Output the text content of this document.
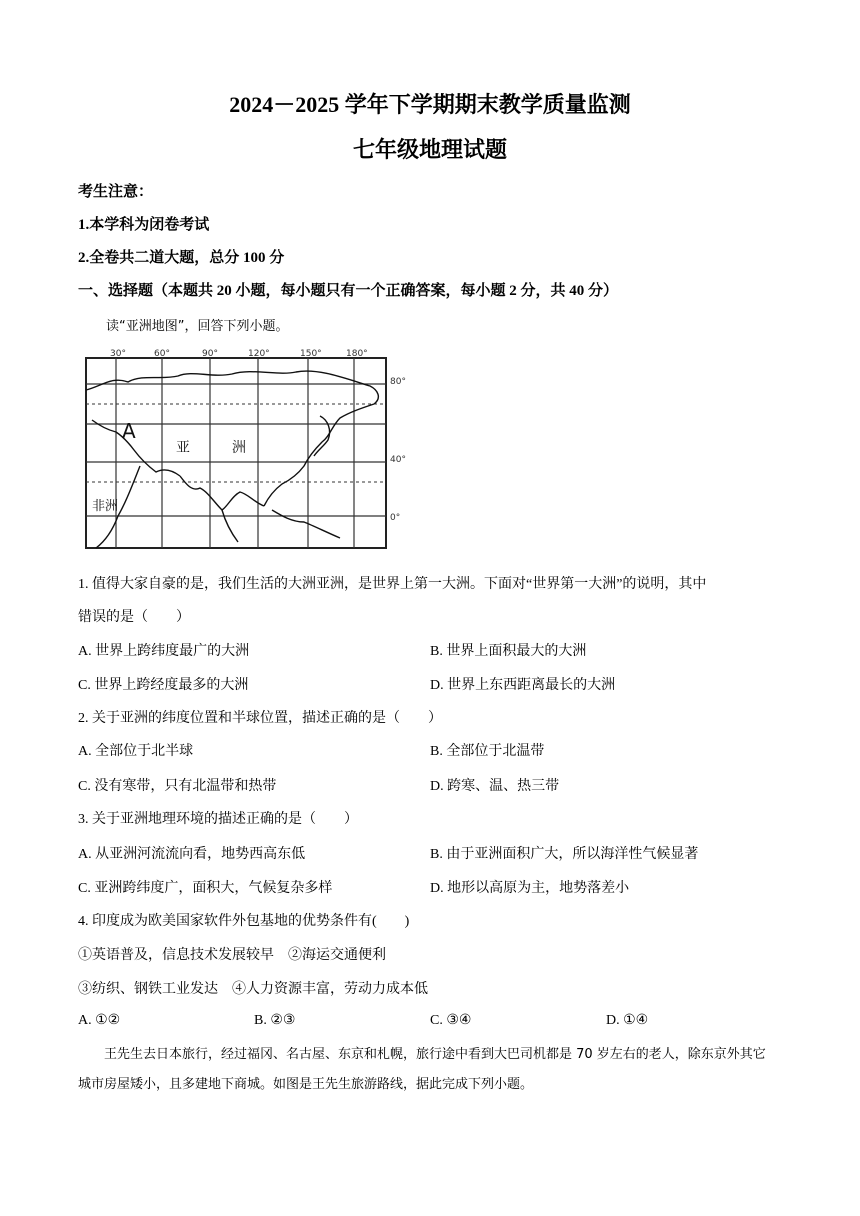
2024－2025 学年下学期期末教学质量监测
七年级地理试题
考生注意：
1.本学科为闭卷考试
2.全卷共二道大题，总分 100 分
一、选择题（本题共 20 小题，每小题只有一个正确答案，每小题 2 分，共 40 分）
读“亚洲地图”，回答下列小题。
30°	60°	90°	120°	150°	180°
80°
40°
0°
A
亚	洲
非洲
1. 值得大家自豪的是，我们生活的大洲亚洲，是世界上第一大洲。下面对“世界第一大洲”的说明，其中
错误的是（　　）
A. 世界上跨纬度最广的大洲	B. 世界上面积最大的大洲
C. 世界上跨经度最多的大洲	D. 世界上东西距离最长的大洲
2. 关于亚洲的纬度位置和半球位置，描述正确的是（　　）
A. 全部位于北半球	B. 全部位于北温带
C. 没有寒带，只有北温带和热带	D. 跨寒、温、热三带
3. 关于亚洲地理环境的描述正确的是（　　）
A. 从亚洲河流流向看，地势西高东低	B. 由于亚洲面积广大，所以海洋性气候显著
C. 亚洲跨纬度广，面积大，气候复杂多样	D. 地形以高原为主，地势落差小
4. 印度成为欧美国家软件外包基地的优势条件有(　　)
①英语普及，信息技术发展较早　②海运交通便利
③纺织、钢铁工业发达　④人力资源丰富，劳动力成本低
A. ①②	B. ②③	C. ③④	D. ①④
王先生去日本旅行，经过福冈、名古屋、东京和札幌，旅行途中看到大巴司机都是 70 岁左右的老人，除东京外其它城市房屋矮小，且多建地下商城。如图是王先生旅游路线，据此完成下列小题。
